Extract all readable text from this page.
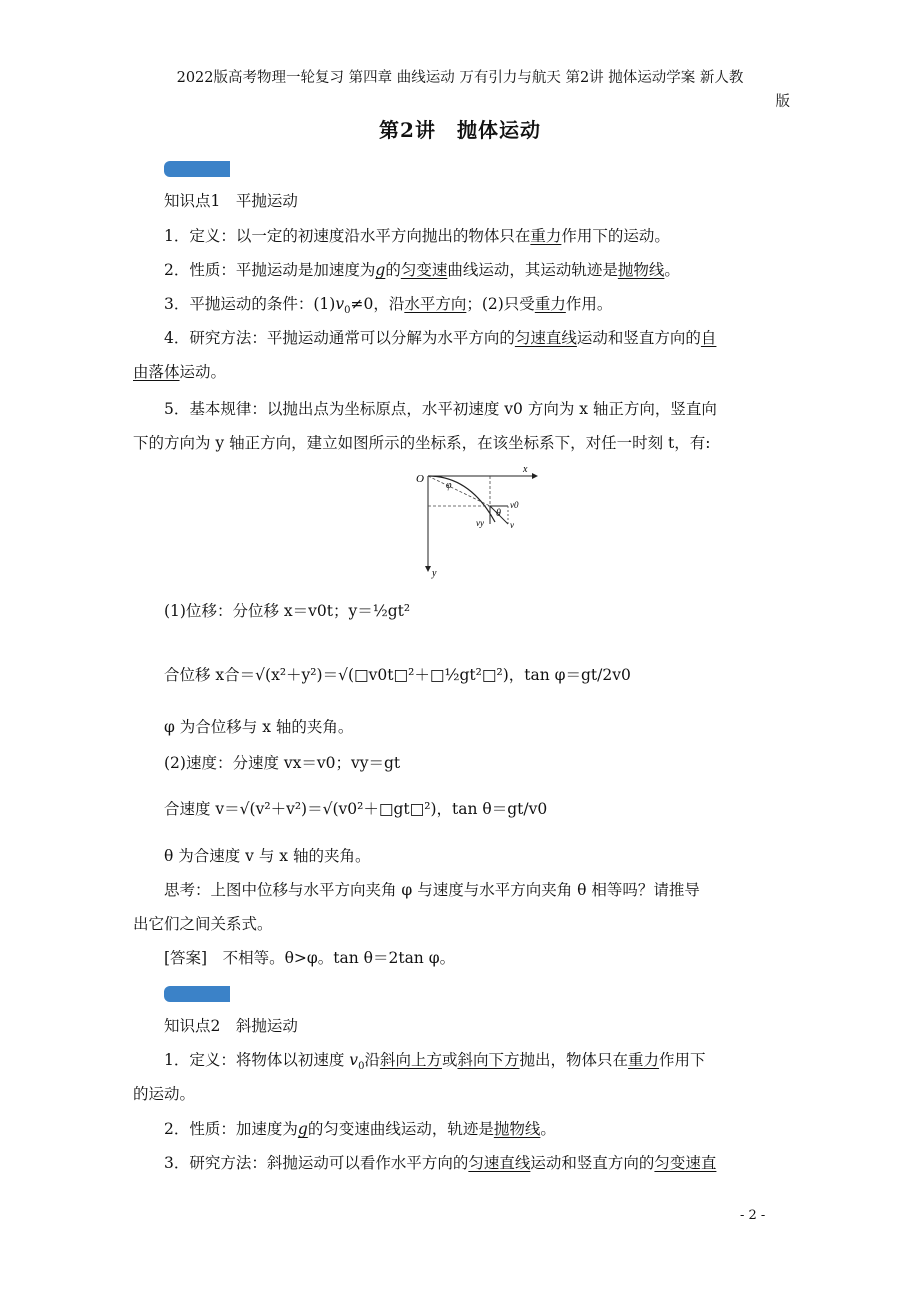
2022版高考物理一轮复习 第四章 曲线运动 万有引力与航天 第2讲 抛体运动学案 新人教
版
第2讲　抛体运动
知识点1　平抛运动
1．定义：以一定的初速度沿水平方向抛出的物体只在重力作用下的运动。
2．性质：平抛运动是加速度为g的匀变速曲线运动，其运动轨迹是抛物线。
3．平抛运动的条件：$(1)v_0\ne 0$，沿水平方向；(2)只受重力作用。
4．研究方法：平抛运动通常可以分解为水平方向的匀速直线运动和竖直方向的自
由落体运动。
5．基本规律：以抛出点为坐标原点，水平初速度 v0 方向为 x 轴正方向，竖直向
下的方向为 y 轴正方向，建立如图所示的坐标系，在该坐标系下，对任一时刻 t，有:
O
x
y
φ
θ
v0
vy	v
(1)位移：分位移 x＝v0t；y＝½gt²
合位移 x合＝√(x²＋y²)＝√(□v0t□²＋□½gt²□²)，tan φ＝gt/2v0
φ 为合位移与 x 轴的夹角。
(2)速度：分速度 vx＝v0；vy＝gt
合速度 v＝√(v²＋v²)＝√(v0²＋□gt□²)，tan θ＝gt/v0
θ 为合速度 v 与 x 轴的夹角。
思考：上图中位移与水平方向夹角 φ 与速度与水平方向夹角 θ 相等吗？请推导
出它们之间关系式。
[答案]　不相等。θ>φ。tan θ＝2tan φ。
知识点2　斜抛运动
1．定义：将物体以初速度 $v_0$沿斜向上方或斜向下方抛出，物体只在重力作用下
的运动。
2．性质：加速度为g的匀变速曲线运动，轨迹是抛物线。
3．研究方法：斜抛运动可以看作水平方向的匀速直线运动和竖直方向的匀变速直
- 2 -
